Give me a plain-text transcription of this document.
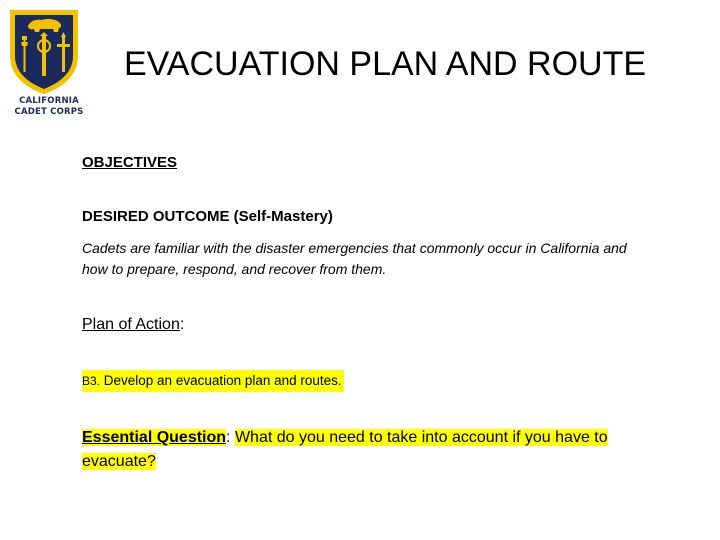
CALIFORNIA
CADET CORPS
EVACUATION PLAN AND ROUTE
OBJECTIVES
DESIRED OUTCOME (Self-Mastery)
Cadets are familiar with the disaster emergencies that commonly occur in California and how to prepare, respond, and recover from them.
Plan of Action:
B3. Develop an evacuation plan and routes.
Essential Question: What do you need to take into account if you have to evacuate?
